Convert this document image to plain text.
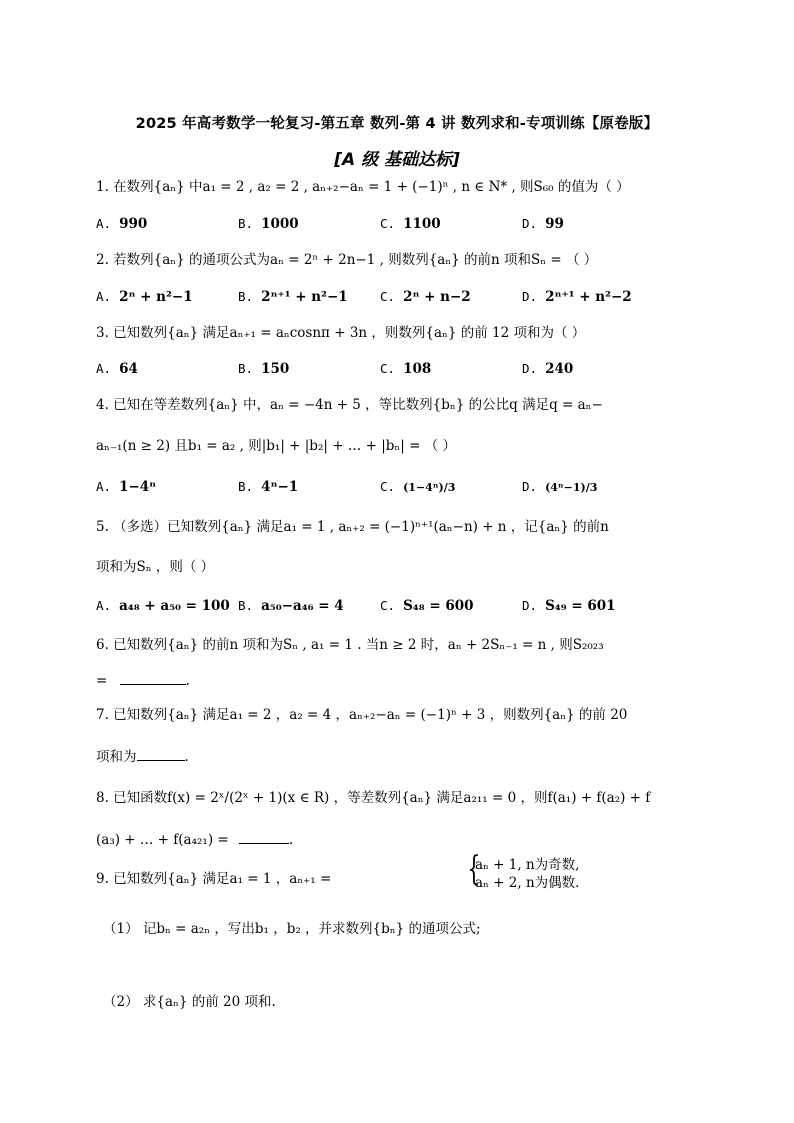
2025 年高考数学一轮复习-第五章 数列-第 4 讲 数列求和-专项训练【原卷版】
[A 级 基础达标]
1. 在数列{aₙ} 中a₁ = 2 , a₂ = 2 , aₙ₊₂−aₙ = 1 + (−1)ⁿ , n ∈ N* , 则S₆₀ 的值为（ ）
A. 990	B. 1000	C. 1100	D. 99
2. 若数列{aₙ} 的通项公式为aₙ = 2ⁿ + 2n−1 , 则数列{aₙ} 的前n 项和Sₙ = （ ）
A. 2ⁿ + n²−1	B. 2ⁿ⁺¹ + n²−1	C. 2ⁿ + n−2	D. 2ⁿ⁺¹ + n²−2
3. 已知数列{aₙ} 满足aₙ₊₁ = aₙcosnπ + 3n ，则数列{aₙ} 的前 12 项和为（ ）
A. 64	B. 150	C. 108	D. 240
4. 已知在等差数列{aₙ} 中，aₙ = −4n + 5 ，等比数列{bₙ} 的公比q 满足q = aₙ−
aₙ₋₁(n ≥ 2) 且b₁ = a₂ , 则|b₁| + |b₂| + … + |bₙ| = （ ）
A. 1−4ⁿ	B. 4ⁿ−1	C. (1−4ⁿ)/3	D. (4ⁿ−1)/3
5. （多选）已知数列{aₙ} 满足a₁ = 1 , aₙ₊₂ = (−1)ⁿ⁺¹(aₙ−n) + n ，记{aₙ} 的前n
项和为Sₙ ，则（ ）
A. a₄₈ + a₅₀ = 100 B. a₅₀−a₄₆ = 4	C. S₄₈ = 600	D. S₄₉ = 601
6. 已知数列{aₙ} 的前n 项和为Sₙ , a₁ = 1 . 当n ≥ 2 时，aₙ + 2Sₙ₋₁ = n , 则S₂₀₂₃
=	.
7. 已知数列{aₙ} 满足a₁ = 2 ，a₂ = 4 ，aₙ₊₂−aₙ = (−1)ⁿ + 3 ，则数列{aₙ} 的前 20
项和为	.
8. 已知函数f(x) = 2ˣ/(2ˣ + 1)(x ∈ R) ，等差数列{aₙ} 满足a₂₁₁ = 0 ，则f(a₁) + f(a₂) + f
(a₃) + … + f(a₄₂₁) =	.
9. 已知数列{aₙ} 满足a₁ = 1 ，aₙ₊₁ =	{
aₙ + 1, n为奇数,
aₙ + 2, n为偶数.
（1） 记bₙ = a₂ₙ ，写出b₁ ，b₂ ，并求数列{bₙ} 的通项公式;
（2） 求{aₙ} 的前 20 项和.
